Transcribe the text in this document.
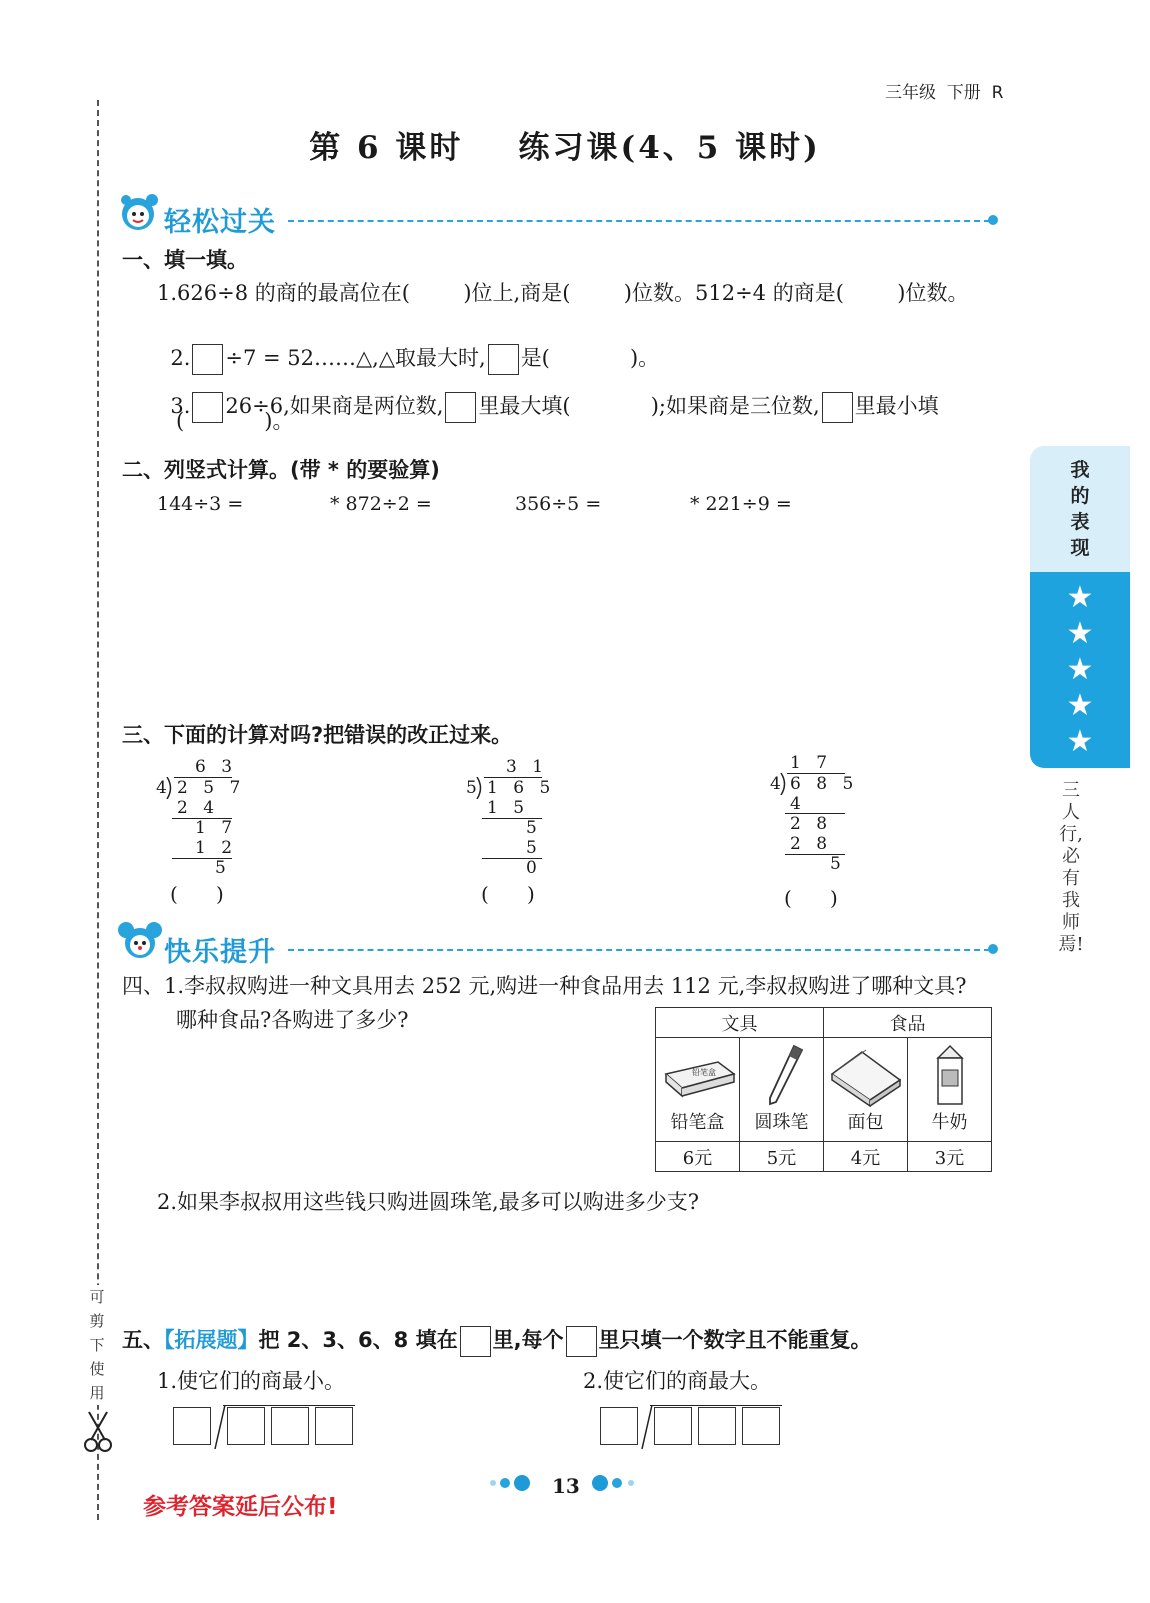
三年级  下册  R
可剪下使用
第 6 课时    练习课(4、5 课时)
轻松过关
一、填一填。
1.626÷8 的商的最高位在(        )位上,商是(        )位数。512÷4 的商是(        )位数。

2. ÷7 = 52……△,△取最大时, 是(            )。

3. 26÷6,如果商是两位数, 里最大填(            );如果商是三位数, 里最小填

(            )。
二、列竖式计算。(带 * 的要验算)
144÷3 =	* 872÷2 =	356÷5 =	* 221÷9 =
三、下面的计算对吗?把错误的改正过来。
6 3
4 2 5 7
2 4
1 7
1 2
5
(      )
3 1
5 1 6 5
1 5
5
5
0
(      )
1 7
4 6 8 5
4
2 8
2 8
5
(      )
快乐提升
四、1.李叔叔购进一种文具用去 252 元,购进一种食品用去 112 元,李叔叔购进了哪种文具?
哪种食品?各购进了多少?	文具		食品	

铅笔盒
铅笔盒	圆珠笔	面包	牛奶

6元	5元	4元	3元
2.如果李叔叔用这些钱只购进圆珠笔,最多可以购进多少支?
五、【拓展题】把 2、3、6、8 填在 里,每个 里只填一个数字且不能重复。
1.使它们的商最小。	2.使它们的商最大。
13
参考答案延后公布!
我的表现
★
★
★
★
★
三人行,必有我师焉!
